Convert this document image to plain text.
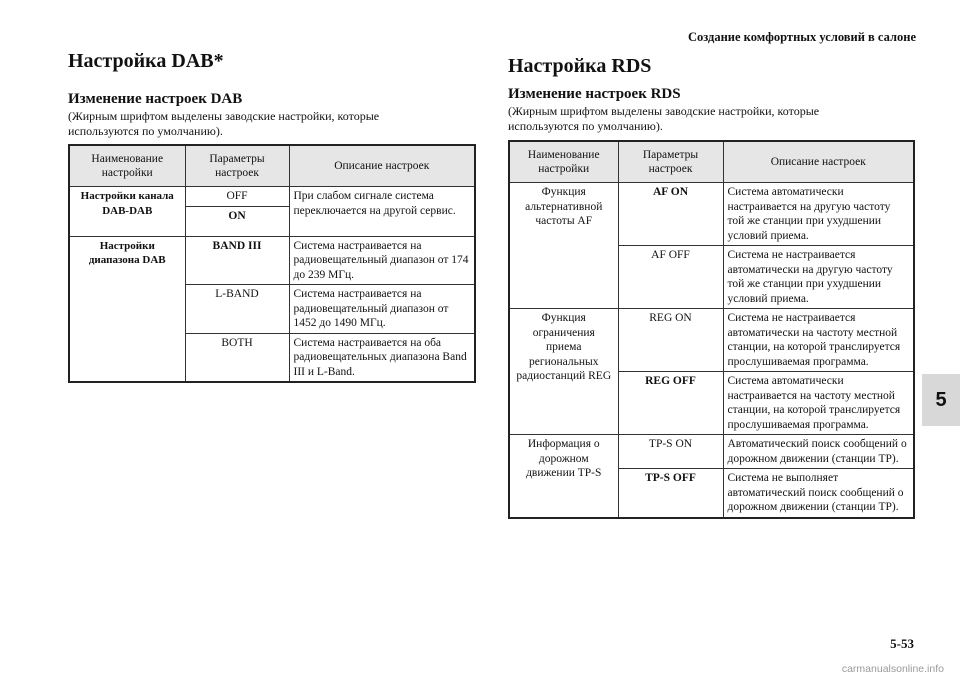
Создание комфортных условий в салоне
Настройка DAB*
Изменение настроек DAB
(Жирным шрифтом выделены заводские настройки, которые
используются по умолчанию).
Наименование настройки	Параметры настроек	Описание настроек
Настройки канала DAB-DAB	OFF	При слабом сигнале система переключается на другой сервис.
	ON	
Настройки диапазона DAB	BAND III	Система настраивается на радиовещательный диапазон от 174 до 239 МГц.
	L-BAND	Система настраивается на радиовещательный диапазон от 1452 до 1490 МГц.
	BOTH	Система настраивается на оба радиовещательных диапазона Band III и L-Band.
Настройка RDS
Изменение настроек RDS
(Жирным шрифтом выделены заводские настройки, которые
используются по умолчанию).
Наименование настройки	Параметры настроек	Описание настроек
Функция альтернативной частоты AF	AF ON	Система автоматически настраивается на другую частоту той же станции при ухудшении условий приема.
	AF OFF	Система не настраивается автоматически на другую частоту той же станции при ухудшении условий приема.
Функция ограничения приема региональных радиостанций REG	REG ON	Система не настраивается автоматически на частоту местной станции, на которой транслируется прослушиваемая программа.
	REG OFF	Система автоматически настраивается на частоту местной станции, на которой транслируется прослушиваемая программа.
Информация о дорожном движении TP-S	TP-S ON	Автоматический поиск сообщений о дорожном движении (станции TP).
	TP-S OFF	Система не выполняет автоматический поиск сообщений о дорожном движении (станции TP).
5
5-53
carmanualsonline.info
